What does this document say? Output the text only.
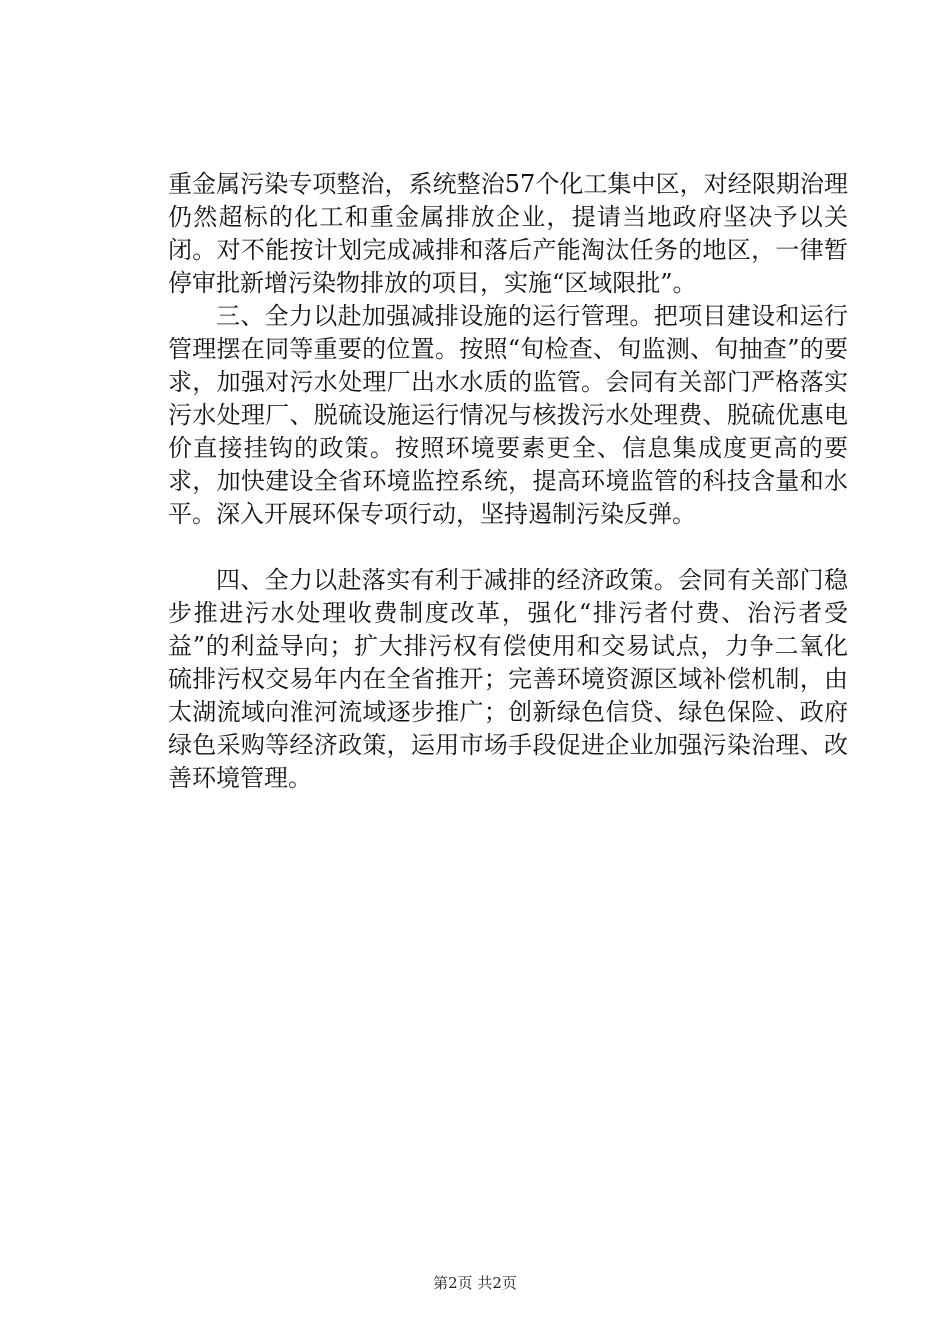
重金属污染专项整治，系统整治57个化工集中区，对经限期治理仍然超标的化工和重金属排放企业，提请当地政府坚决予以关闭。对不能按计划完成减排和落后产能淘汰任务的地区，一律暂停审批新增污染物排放的项目，实施“区域限批”。

三、全力以赴加强减排设施的运行管理。把项目建设和运行管理摆在同等重要的位置。按照“旬检查、旬监测、旬抽查”的要求，加强对污水处理厂出水水质的监管。会同有关部门严格落实污水处理厂、脱硫设施运行情况与核拨污水处理费、脱硫优惠电价直接挂钩的政策。按照环境要素更全、信息集成度更高的要求，加快建设全省环境监控系统，提高环境监管的科技含量和水平。深入开展环保专项行动，坚持遏制污染反弹。

四、全力以赴落实有利于减排的经济政策。会同有关部门稳步推进污水处理收费制度改革，强化“排污者付费、治污者受益”的利益导向；扩大排污权有偿使用和交易试点，力争二氧化硫排污权交易年内在全省推开；完善环境资源区域补偿机制，由太湖流域向淮河流域逐步推广；创新绿色信贷、绿色保险、政府绿色采购等经济政策，运用市场手段促进企业加强污染治理、改善环境管理。

第2页 共2页
